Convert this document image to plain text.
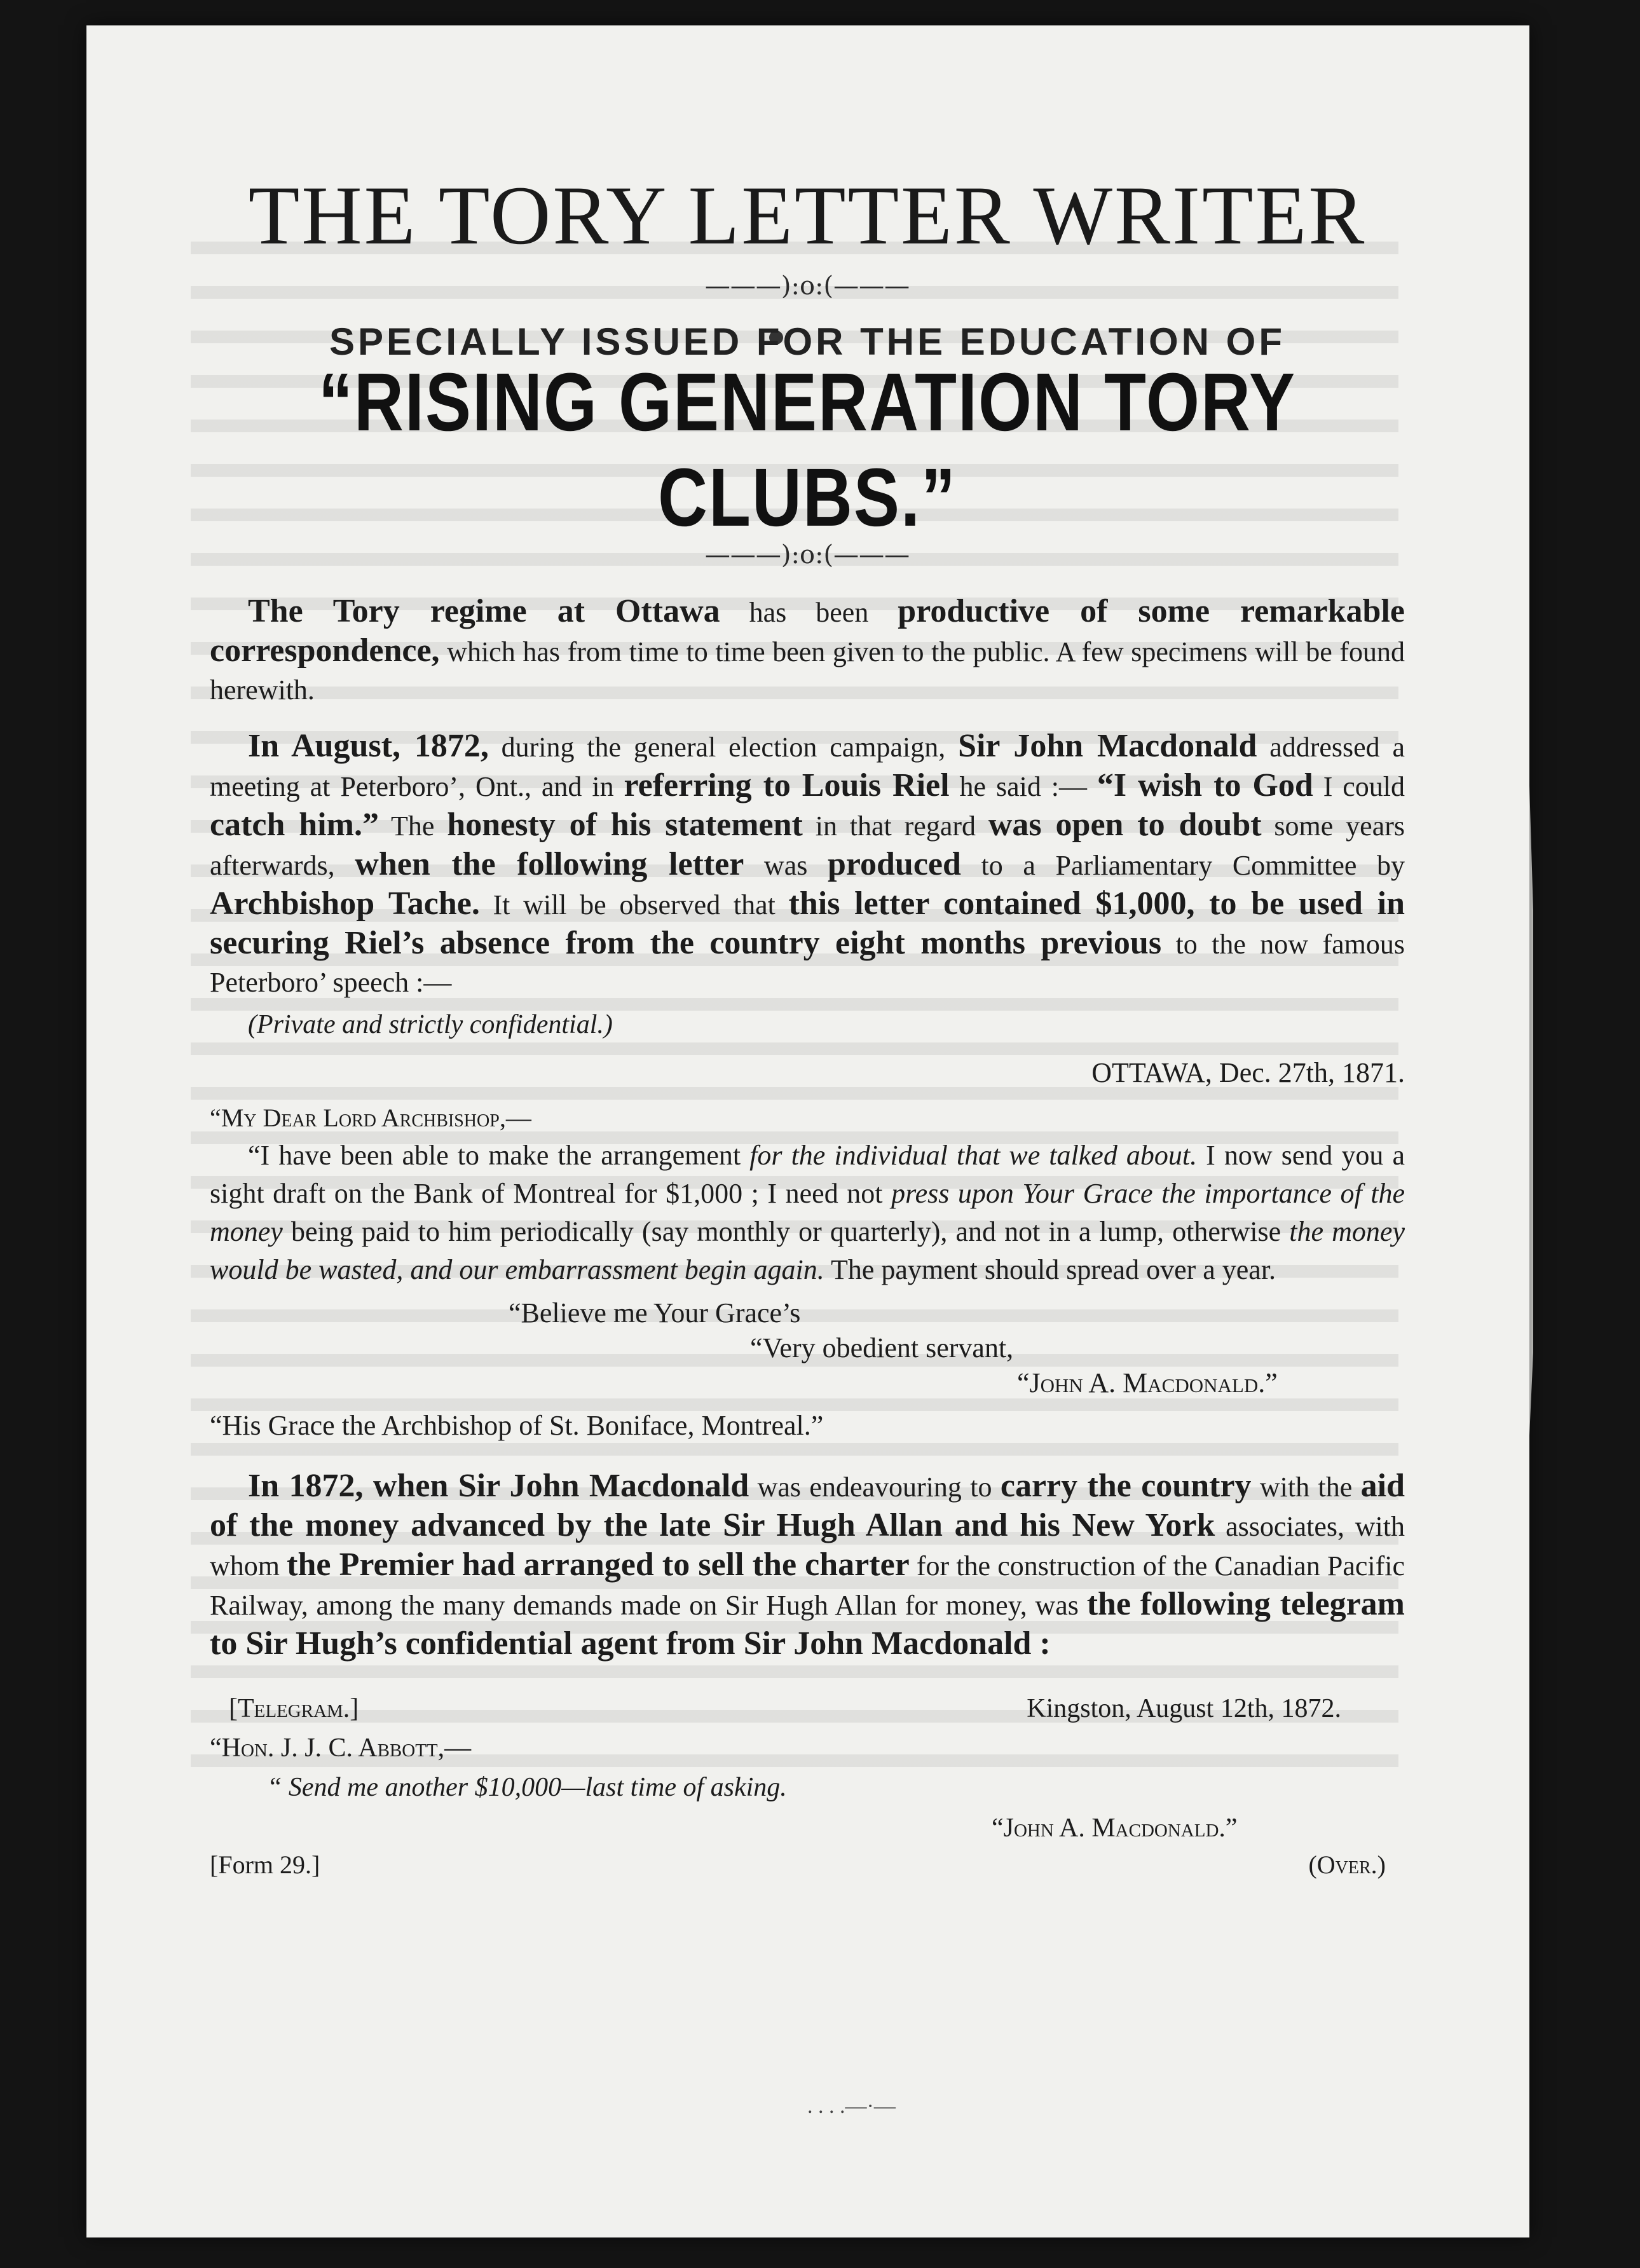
THE TORY LETTER WRITER
———):o:(———
SPECIALLY ISSUED FOR THE EDUCATION OF
“RISING GENERATION TORY CLUBS.”
———):o:(———

The Tory regime at Ottawa has been productive of some remarkable correspondence, which has from time to time been given to the public. A few specimens will be found herewith.

In August, 1872, during the general election campaign, Sir John Macdonald addressed a meeting at Peterboro’, Ont., and in referring to Louis Riel he said :— “I wish to God I could catch him.” The honesty of his statement in that regard was open to doubt some years afterwards, when the following letter was produced to a Parliamentary Committee by Archbishop Tache. It will be observed that this letter contained $1,000, to be used in securing Riel’s absence from the country eight months previous to the now famous Peterboro’ speech :—

(Private and strictly confidential.)
OTTAWA, Dec. 27th, 1871.
“My Dear Lord Archbishop,—

“I have been able to make the arrangement for the individual that we talked about. I now send you a sight draft on the Bank of Montreal for $1,000 ; I need not press upon Your Grace the importance of the money being paid to him periodically (say monthly or quarterly), and not in a lump, otherwise the money would be wasted, and our embarrassment begin again. The payment should spread over a year.

“Believe me Your Grace’s
“Very obedient servant,
“John A. Macdonald.”
“His Grace the Archbishop of St. Boniface, Montreal.”

In 1872, when Sir John Macdonald was endeavouring to carry the country with the aid of the money advanced by the late Sir Hugh Allan and his New York associates, with whom the Premier had arranged to sell the charter for the construction of the Canadian Pacific Railway, among the many demands made on Sir Hugh Allan for money, was the following telegram to Sir Hugh’s confidential agent from Sir John Macdonald :

[Telegram.]	Kingston, August 12th, 1872.
“Hon. J. J. C. Abbott,—
“ Send me another $10,000—last time of asking.
“John A. Macdonald.”
[Form 29.]	(Over.)
. . . .—·—
